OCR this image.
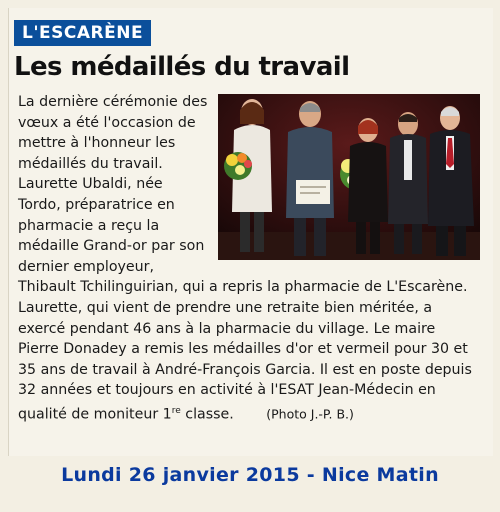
L'ESCARÈNE
Les médaillés du travail
La dernière cérémonie des vœux a été l'occasion de mettre à l'honneur les médaillés du travail. Laurette Ubaldi, née Tordo, préparatrice en pharmacie a reçu la médaille Grand-or par son dernier employeur, Thibault Tchilinguirian, qui a repris la pharmacie de L'Escarène. Laurette, qui vient de prendre une retraite bien méritée, a exercé pendant 46 ans à la pharmacie du village. Le maire Pierre Donadey a remis les médailles d'or et vermeil pour 30 et 35 ans de travail à André-François Garcia. Il est en poste depuis 32 années et toujours en activité à l'ESAT Jean-Médecin en qualité de moniteur 1re classe.	(Photo J.-P. B.)
Lundi 26 janvier 2015 - Nice Matin
